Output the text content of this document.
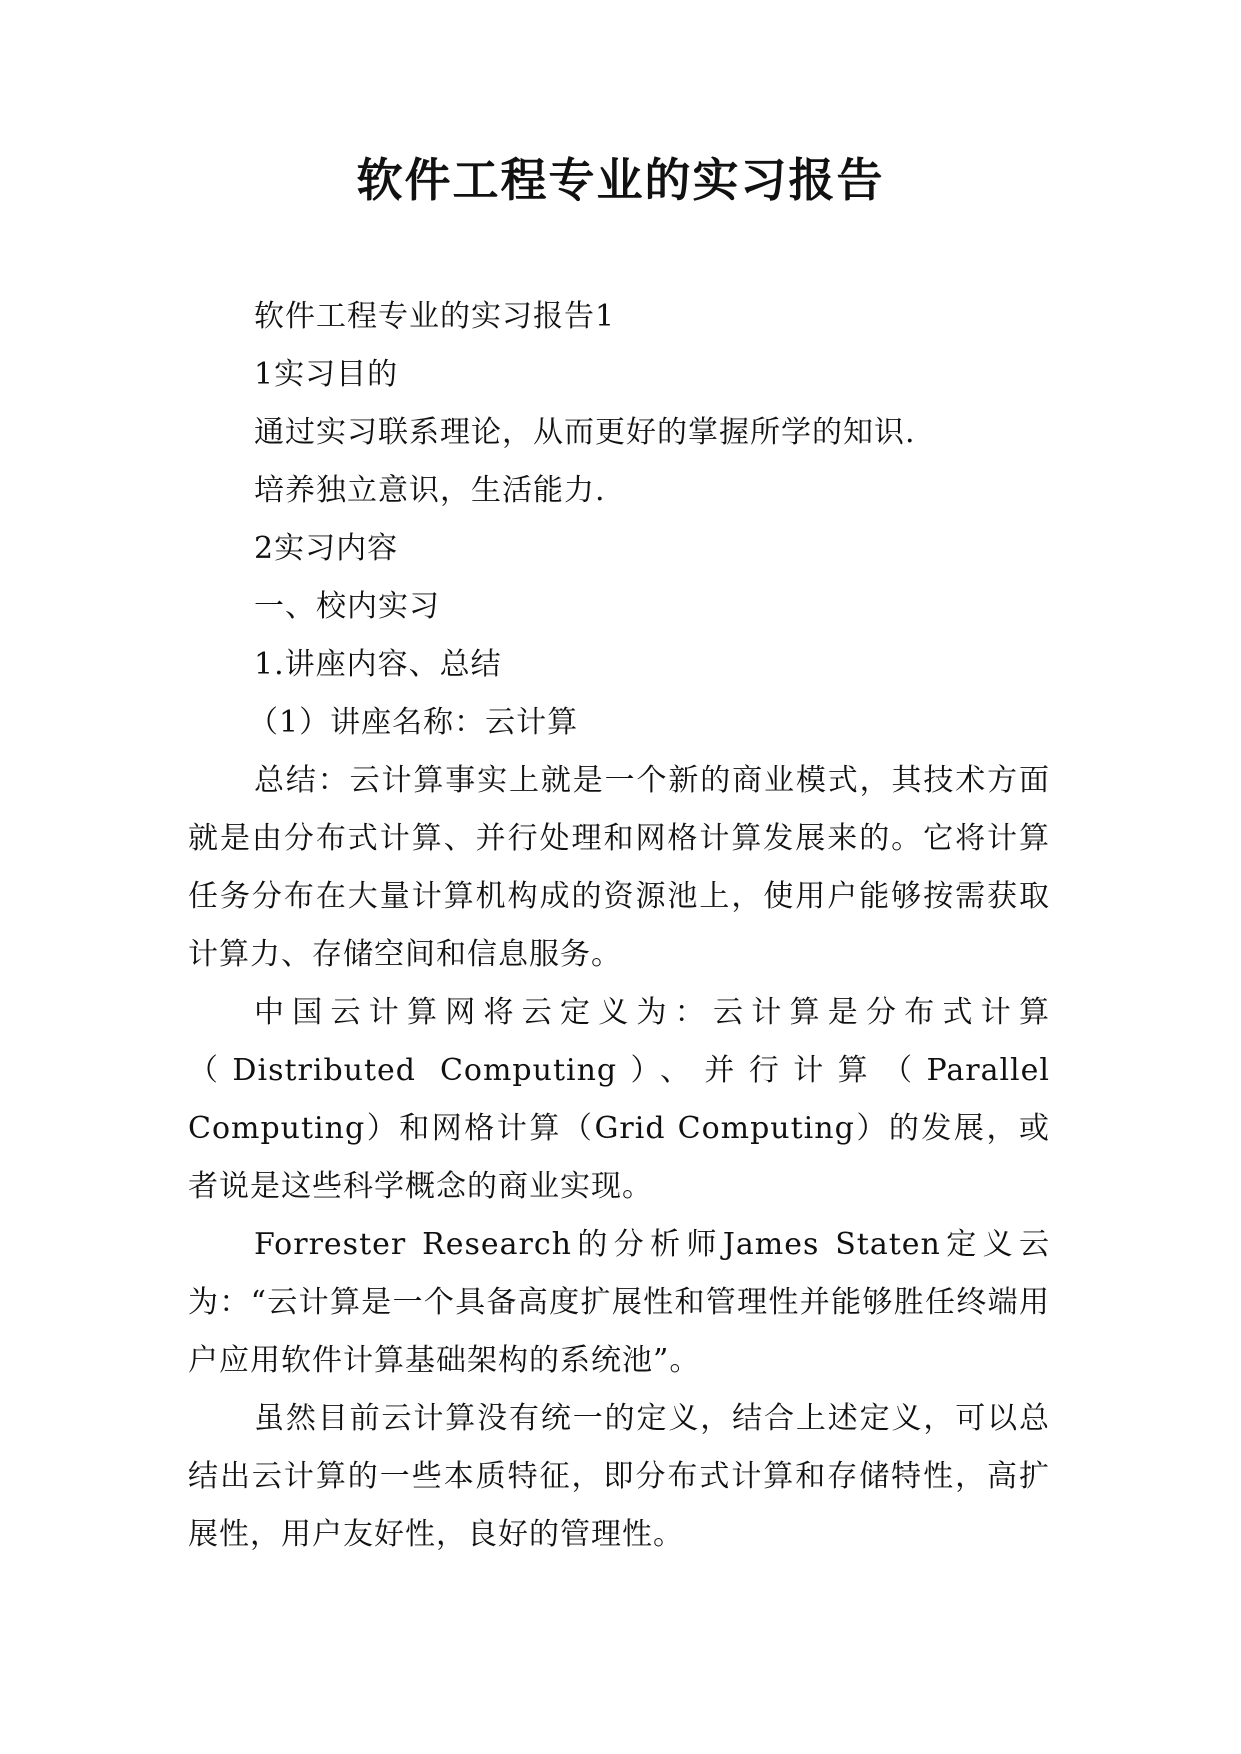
软件工程专业的实习报告

软件工程专业的实习报告1

1实习目的

通过实习联系理论，从而更好的掌握所学的知识.

培养独立意识，生活能力.

2实习内容

一、校内实习

1.讲座内容、总结

（1）讲座名称：云计算

总结：云计算事实上就是一个新的商业模式，其技术方面就是由分布式计算、并行处理和网格计算发展来的。它将计算任务分布在大量计算机构成的资源池上，使用户能够按需获取计算力、存储空间和信息服务。

中国云计算网将云定义为：云计算是分布式计算（Distributed Computing）、并行计算（Parallel Computing）和网格计算（Grid Computing）的发展，或者说是这些科学概念的商业实现。

Forrester Research的分析师James Staten定义云为：“云计算是一个具备高度扩展性和管理性并能够胜任终端用户应用软件计算基础架构的系统池”。

虽然目前云计算没有统一的定义，结合上述定义，可以总结出云计算的一些本质特征，即分布式计算和存储特性，高扩展性，用户友好性，良好的管理性。
